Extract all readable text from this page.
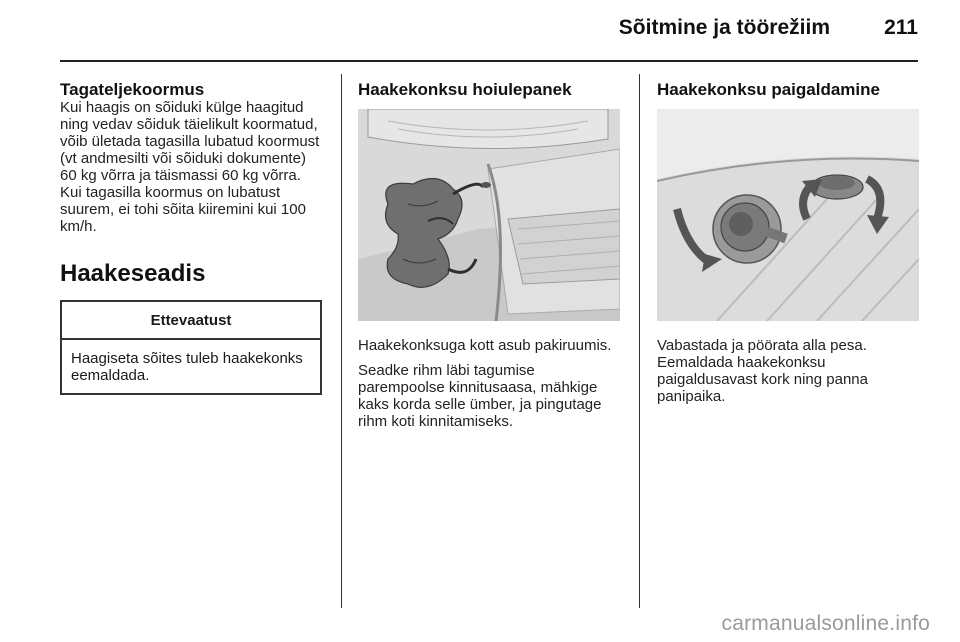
Sõitmine ja töörežiim	211
Tagateljekoormus

Kui haagis on sõiduki külge haagitud ning vedav sõiduk täielikult koormatud, võib ületada tagasilla lubatud koormust (vt andmesilti või sõiduki dokumente) 60 kg võrra ja täismassi 60 kg võrra. Kui tagasilla koormus on lubatust suurem, ei tohi sõita kiiremini kui 100 km/h.

Haakeseadis
Ettevaatust
Haagiseta sõites tuleb haakekonks eemaldada.
Haakekonksu hoiulepanek

Haakekonksuga kott asub pakiruumis.

Seadke rihm läbi tagumise parempoolse kinnitusaasa, mähkige kaks korda selle ümber, ja pingutage rihm koti kinnitamiseks.

Haakekonksu paigaldamine

Vabastada ja pöörata alla pesa. Eemaldada haakekonksu paigaldusavast kork ning panna panipaika.

carmanualsonline.info
